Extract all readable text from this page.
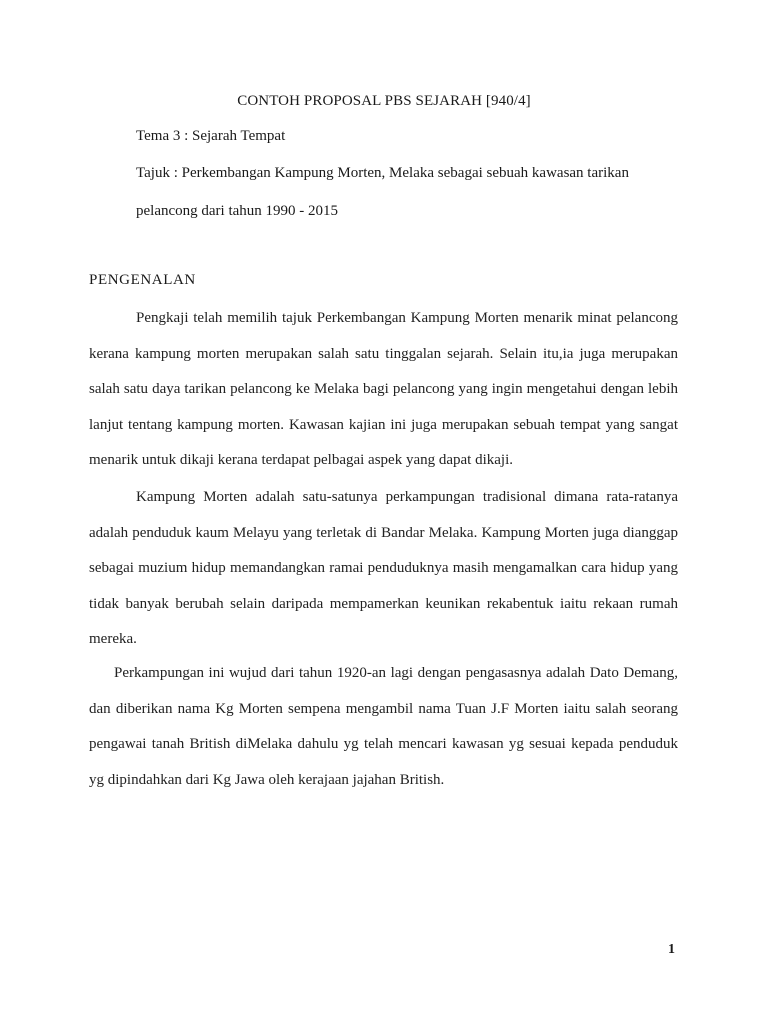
CONTOH PROPOSAL PBS SEJARAH [940/4]
Tema 3 : Sejarah Tempat
Tajuk : Perkembangan Kampung Morten, Melaka sebagai sebuah kawasan tarikan
pelancong dari tahun 1990 - 2015
PENGENALAN
Pengkaji telah memilih tajuk Perkembangan Kampung Morten menarik minat pelancong kerana kampung morten merupakan salah satu tinggalan sejarah. Selain itu,ia juga merupakan salah satu daya tarikan pelancong ke Melaka bagi pelancong yang ingin mengetahui dengan lebih lanjut tentang kampung morten. Kawasan kajian ini juga merupakan sebuah tempat yang sangat menarik untuk dikaji kerana terdapat pelbagai aspek yang dapat dikaji.
Kampung Morten adalah satu-satunya perkampungan tradisional dimana rata-ratanya adalah penduduk kaum Melayu yang terletak di Bandar Melaka. Kampung Morten juga dianggap sebagai muzium hidup memandangkan ramai penduduknya masih mengamalkan cara hidup yang tidak banyak berubah selain daripada mempamerkan keunikan rekabentuk iaitu rekaan rumah mereka.
Perkampungan ini wujud dari tahun 1920-an lagi dengan pengasasnya adalah Dato Demang, dan diberikan nama Kg Morten sempena mengambil nama Tuan J.F Morten iaitu salah seorang pengawai tanah British diMelaka dahulu yg telah mencari kawasan yg sesuai kepada penduduk yg dipindahkan dari Kg Jawa oleh kerajaan jajahan British.
1
